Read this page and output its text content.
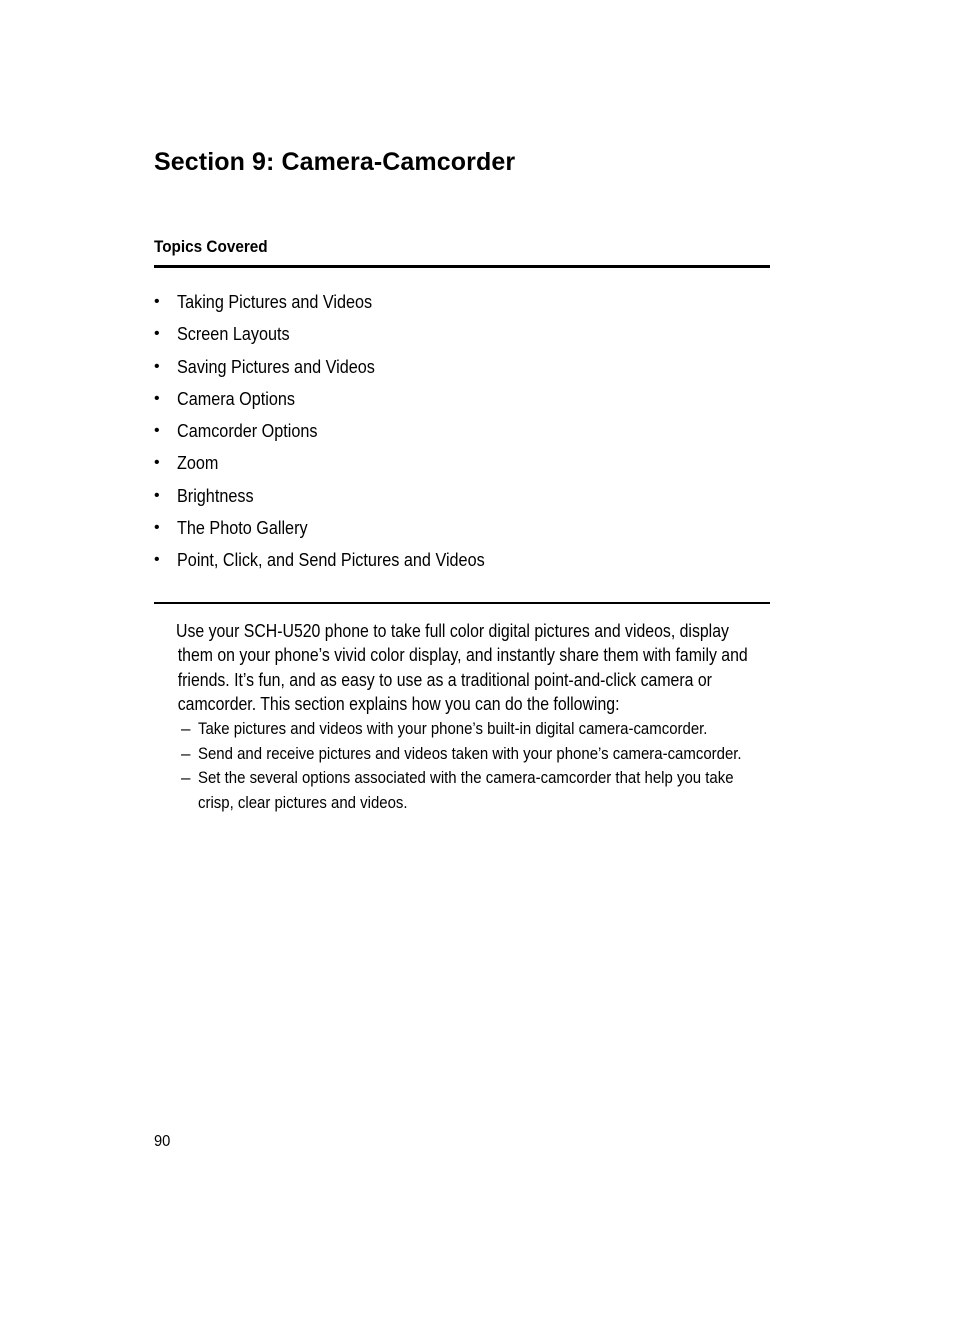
Section 9: Camera-Camcorder
Topics Covered
• Taking Pictures and Videos
• Screen Layouts
• Saving Pictures and Videos
• Camera Options
• Camcorder Options
• Zoom
• Brightness
• The Photo Gallery
• Point, Click, and Send Pictures and Videos

Use your SCH-U520 phone to take full color digital pictures and videos, display
them on your phone’s vivid color display, and instantly share them with family and
friends. It’s fun, and as easy to use as a traditional point-and-click camera or
camcorder. This section explains how you can do the following:

– Take pictures and videos with your phone’s built-in digital camera-camcorder.
– Send and receive pictures and videos taken with your phone’s camera-camcorder.
– Set the several options associated with the camera-camcorder that help you take
crisp, clear pictures and videos.
90
